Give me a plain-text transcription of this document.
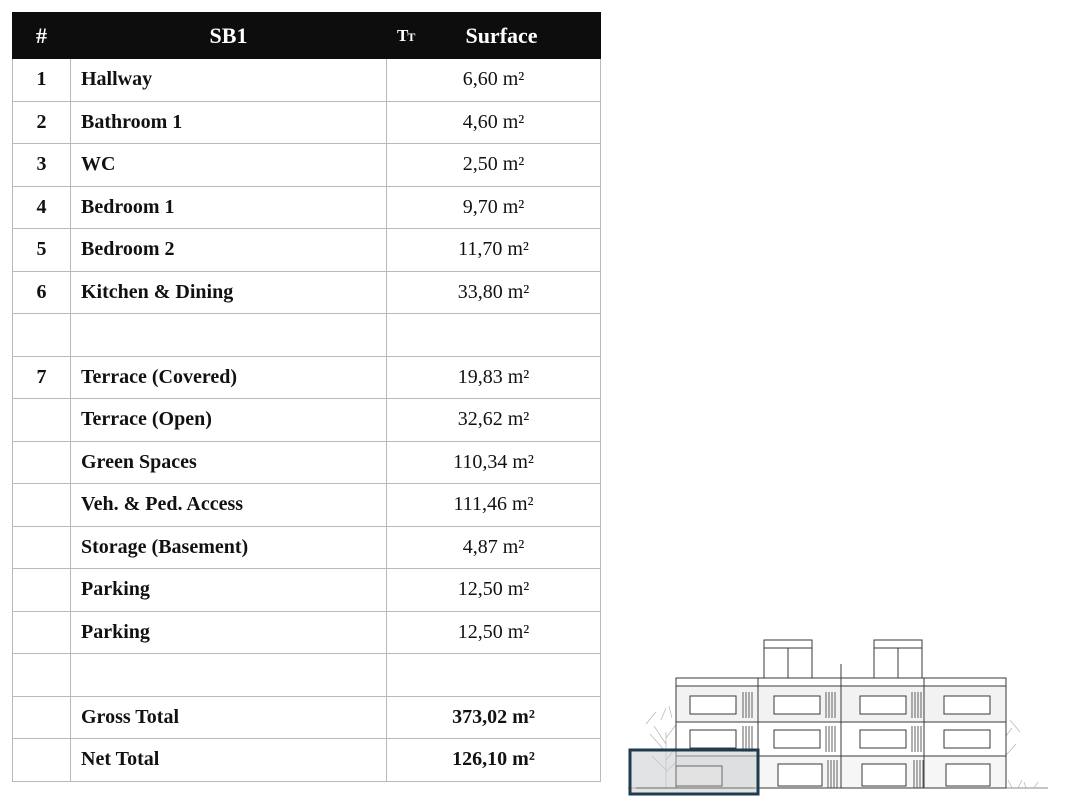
#	SB1	TT Surface
1	Hallway	6,60 m²
2	Bathroom 1	4,60 m²
3	WC	2,50 m²
4	Bedroom 1	9,70 m²
5	Bedroom 2	11,70 m²
6	Kitchen & Dining	33,80 m²

7	Terrace (Covered)	19,83 m²
	Terrace (Open)	32,62 m²
	Green Spaces	110,34 m²
	Veh. & Ped. Access	111,46 m²
	Storage (Basement)	4,87 m²
	Parking	12,50 m²
	Parking	12,50 m²

	Gross Total	373,02 m²
	Net Total	126,10 m²
